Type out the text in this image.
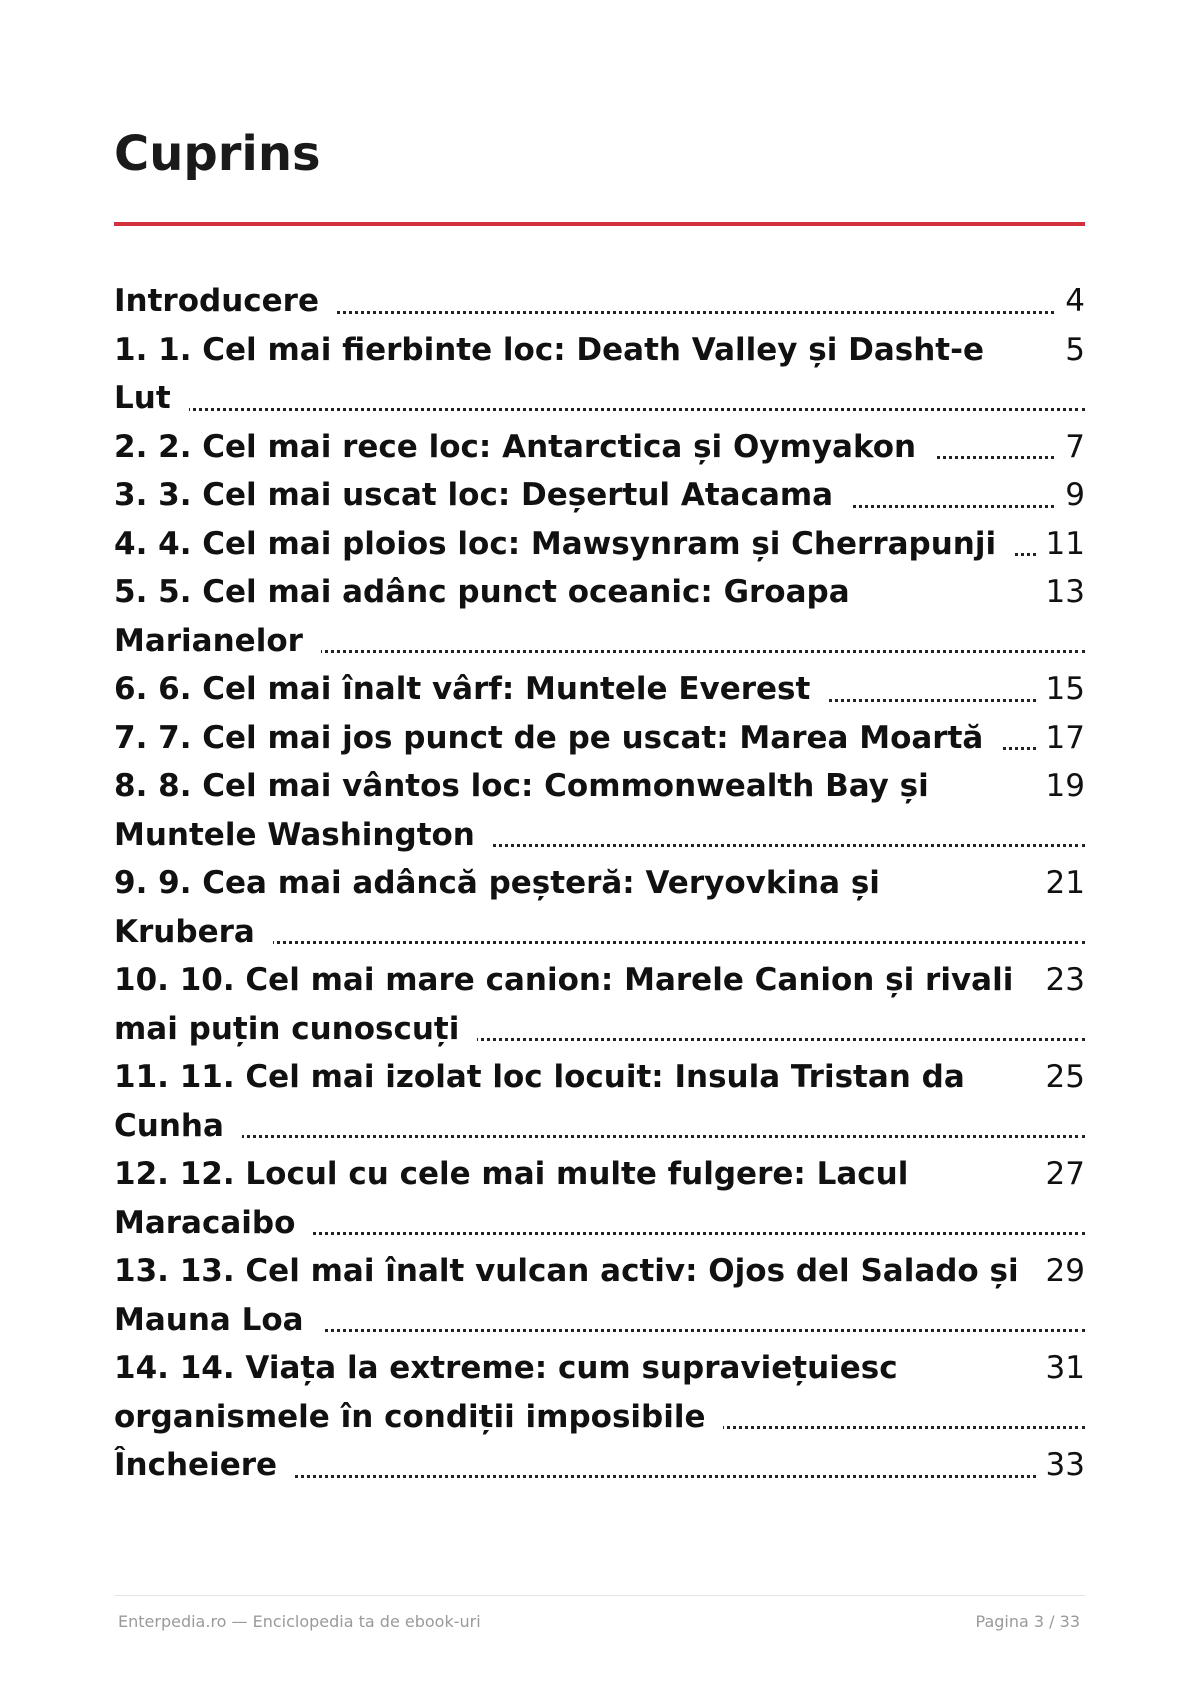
Cuprins
4
Introducere
5
1. 1. Cel mai fierbinte loc: Death Valley și Dasht-e Lut
7
2. 2. Cel mai rece loc: Antarctica și Oymyakon
9
3. 3. Cel mai uscat loc: Deșertul Atacama
11
4. 4. Cel mai ploios loc: Mawsynram și Cherrapunji
13
5. 5. Cel mai adânc punct oceanic: Groapa Marianelor
15
6. 6. Cel mai înalt vârf: Muntele Everest
17
7. 7. Cel mai jos punct de pe uscat: Marea Moartă
19
8. 8. Cel mai vântos loc: Commonwealth Bay și Muntele Washington
21
9. 9. Cea mai adâncă peșteră: Veryovkina și Krubera
23
10. 10. Cel mai mare canion: Marele Canion și rivali mai puțin cunoscuți
25
11. 11. Cel mai izolat loc locuit: Insula Tristan da Cunha
27
12. 12. Locul cu cele mai multe fulgere: Lacul Maracaibo
29
13. 13. Cel mai înalt vulcan activ: Ojos del Salado și Mauna Loa
31
14. 14. Viața la extreme: cum supraviețuiesc organismele în condiții imposibile
33
Încheiere
Enterpedia.ro — Enciclopedia ta de ebook-uri	Pagina 3 / 33
